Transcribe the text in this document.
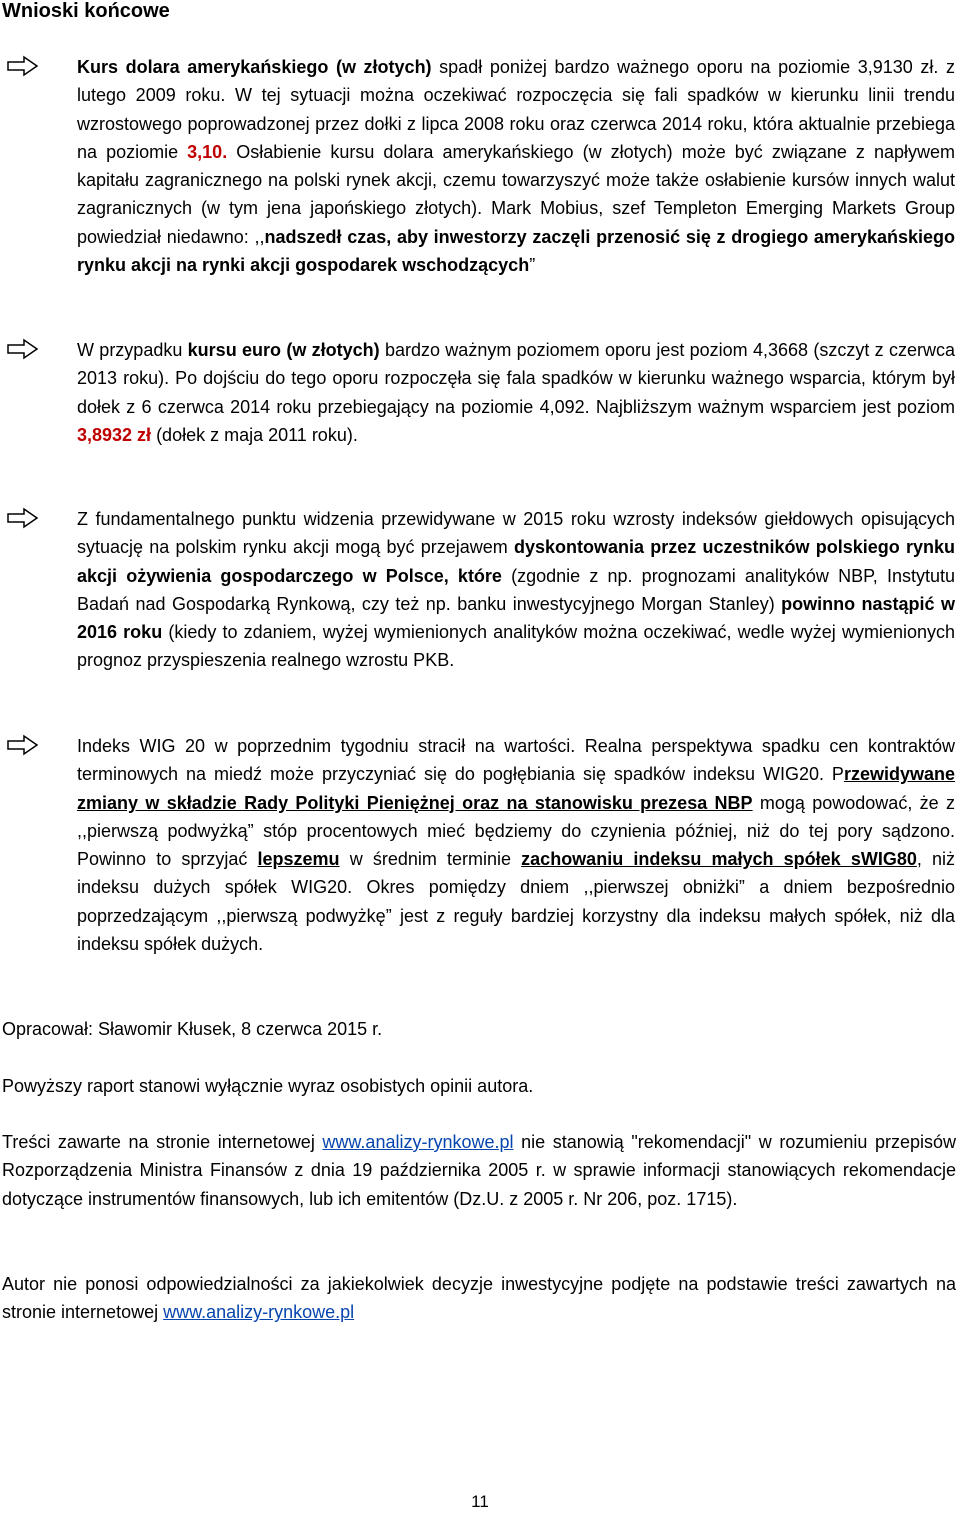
Wnioski końcowe
Kurs dolara amerykańskiego (w złotych) spadł poniżej bardzo ważnego oporu na poziomie 3,9130 zł. z lutego 2009 roku. W tej sytuacji można oczekiwać rozpoczęcia się fali spadków w kierunku linii trendu wzrostowego poprowadzonej przez dołki z lipca 2008 roku oraz czerwca 2014 roku, która aktualnie przebiega na poziomie 3,10. Osłabienie kursu dolara amerykańskiego (w złotych) może być związane z napływem kapitału zagranicznego na polski rynek akcji, czemu towarzyszyć może także osłabienie kursów innych walut zagranicznych (w tym jena japońskiego złotych). Mark Mobius, szef Templeton Emerging Markets Group powiedział niedawno: ,,nadszedł czas, aby inwestorzy zaczęli przenosić się z drogiego amerykańskiego rynku akcji na rynki akcji gospodarek wschodzących”
W przypadku kursu euro (w złotych) bardzo ważnym poziomem oporu jest poziom 4,3668 (szczyt z czerwca 2013 roku). Po dojściu do tego oporu rozpoczęła się fala spadków w kierunku ważnego wsparcia, którym był dołek z 6 czerwca 2014 roku przebiegający na poziomie 4,092. Najbliższym ważnym wsparciem jest poziom 3,8932 zł (dołek z maja 2011 roku).
Z fundamentalnego punktu widzenia przewidywane w 2015 roku wzrosty indeksów giełdowych opisujących sytuację na polskim rynku akcji mogą być przejawem dyskontowania przez uczestników polskiego rynku akcji ożywienia gospodarczego w Polsce, które (zgodnie z np. prognozami analityków NBP, Instytutu Badań nad Gospodarką Rynkową, czy też np. banku inwestycyjnego Morgan Stanley) powinno nastąpić w 2016 roku (kiedy to zdaniem, wyżej wymienionych analityków można oczekiwać, wedle wyżej wymienionych prognoz przyspieszenia realnego wzrostu PKB.
Indeks WIG 20 w poprzednim tygodniu stracił na wartości. Realna perspektywa spadku cen kontraktów terminowych na miedź może przyczyniać się do pogłębiania się spadków indeksu WIG20. Przewidywane zmiany w składzie Rady Polityki Pieniężnej oraz na stanowisku prezesa NBP mogą powodować, że z ,,pierwszą podwyżką” stóp procentowych mieć będziemy do czynienia później, niż do tej pory sądzono. Powinno to sprzyjać lepszemu w średnim terminie zachowaniu indeksu małych spółek sWIG80, niż indeksu dużych spółek WIG20. Okres pomiędzy dniem ,,pierwszej obniżki” a dniem bezpośrednio poprzedzającym ,,pierwszą podwyżkę” jest z reguły bardziej korzystny dla indeksu małych spółek, niż dla indeksu spółek dużych.
Opracował: Sławomir Kłusek, 8 czerwca 2015 r.
Powyższy raport stanowi wyłącznie wyraz osobistych opinii autora.
Treści zawarte na stronie internetowej www.analizy-rynkowe.pl nie stanowią "rekomendacji" w rozumieniu przepisów Rozporządzenia Ministra Finansów z dnia 19 października 2005 r. w sprawie informacji stanowiących rekomendacje dotyczące instrumentów finansowych, lub ich emitentów (Dz.U. z 2005 r. Nr 206, poz. 1715).
Autor nie ponosi odpowiedzialności za jakiekolwiek decyzje inwestycyjne podjęte na podstawie treści zawartych na stronie internetowej www.analizy-rynkowe.pl
11
